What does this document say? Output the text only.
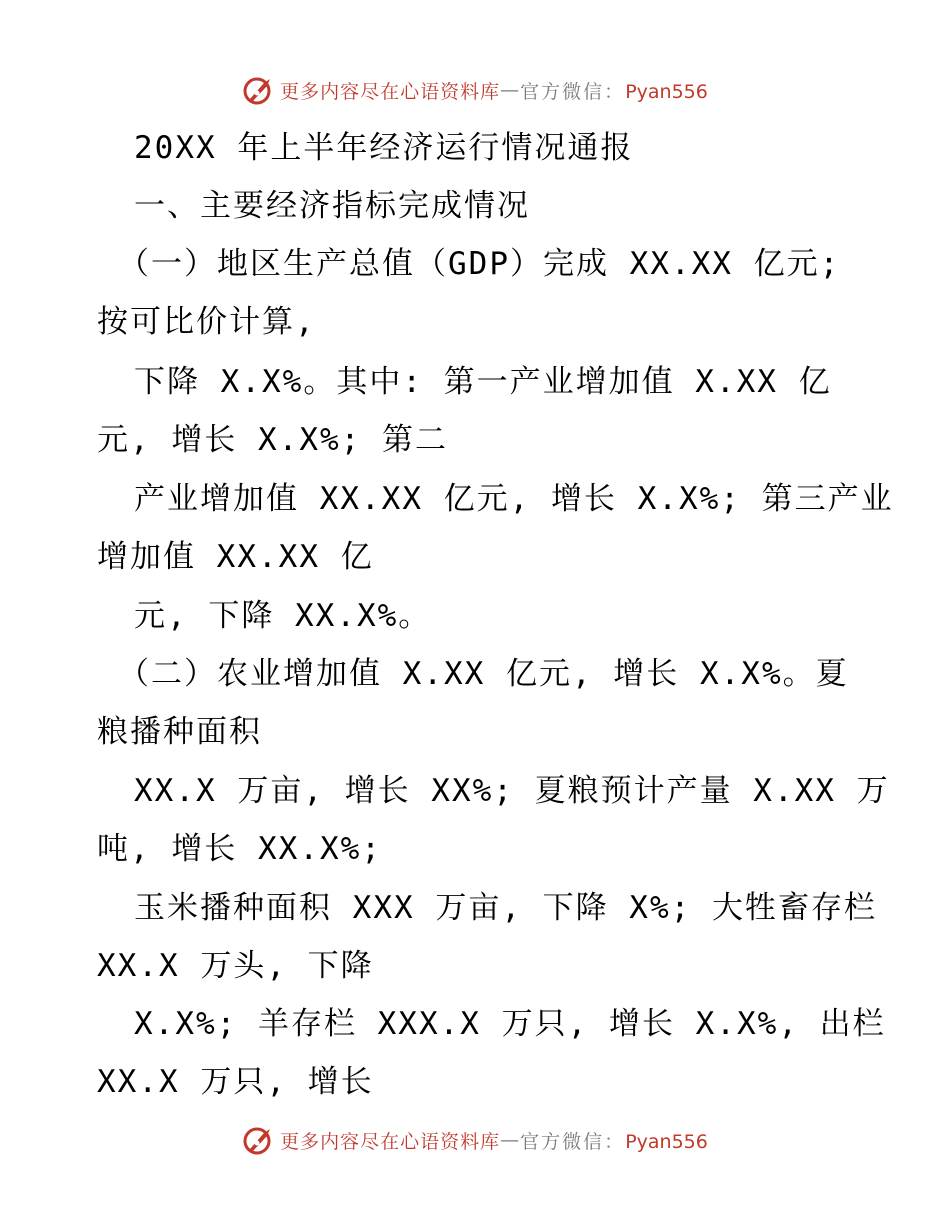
更多内容尽在心语资料库 — 官方微信：Pyan556
20XX 年上半年经济运行情况通报
一、主要经济指标完成情况
（一）地区生产总值（GDP）完成 XX.XX 亿元;
按可比价计算,
下降 X.X%。其中: 第一产业增加值 X.XX 亿
元, 增长 X.X%; 第二
产业增加值 XX.XX 亿元, 增长 X.X%; 第三产业
增加值 XX.XX 亿
元, 下降 XX.X%。
（二）农业增加值 X.XX 亿元, 增长 X.X%。夏
粮播种面积
XX.X 万亩, 增长 XX%; 夏粮预计产量 X.XX 万
吨, 增长 XX.X%;
玉米播种面积 XXX 万亩, 下降 X%; 大牲畜存栏
XX.X 万头, 下降
X.X%; 羊存栏 XXX.X 万只, 增长 X.X%, 出栏
XX.X 万只, 增长
更多内容尽在心语资料库 — 官方微信：Pyan556
